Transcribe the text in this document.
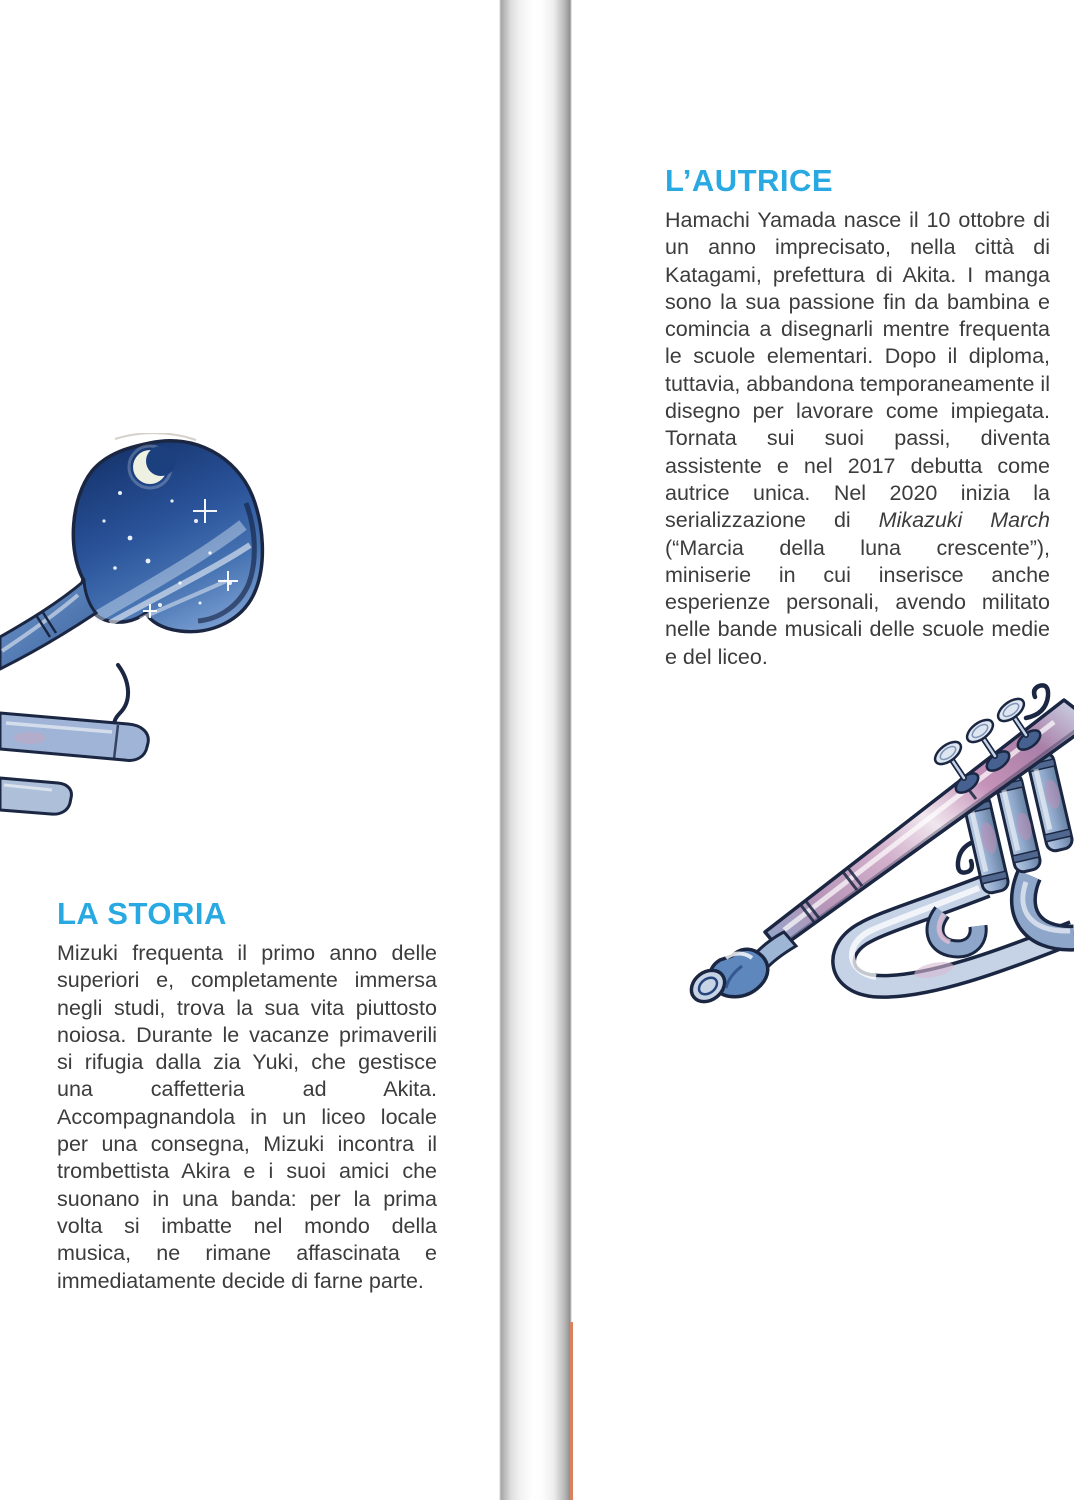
LA STORIA

Mizuki frequenta il primo anno delle superiori e, completamente immersa negli studi, trova la sua vita piuttosto noiosa. Durante le vacanze primaverili si rifugia dalla zia Yuki, che gestisce una caffetteria ad Akita. Accompagnandola in un liceo locale per una consegna, Mizuki incontra il trombettista Akira e i suoi amici che suonano in una banda: per la prima volta si imbatte nel mondo della musica, ne rimane affascinata e immediatamente decide di farne parte.

L’AUTRICE

Hamachi Yamada nasce il 10 ottobre di un anno imprecisato, nella città di Katagami, prefettura di Akita. I manga sono la sua passione fin da bambina e comincia a disegnarli mentre frequenta le scuole elementari. Dopo il diploma, tuttavia, abbandona temporaneamente il disegno per lavorare come impiegata. Tornata sui suoi passi, diventa assistente e nel 2017 debutta come autrice unica. Nel 2020 inizia la serializzazione di Mikazuki March (“Marcia della luna crescente”), miniserie in cui inserisce anche esperienze personali, avendo militato nelle bande musicali delle scuole medie e del liceo.
